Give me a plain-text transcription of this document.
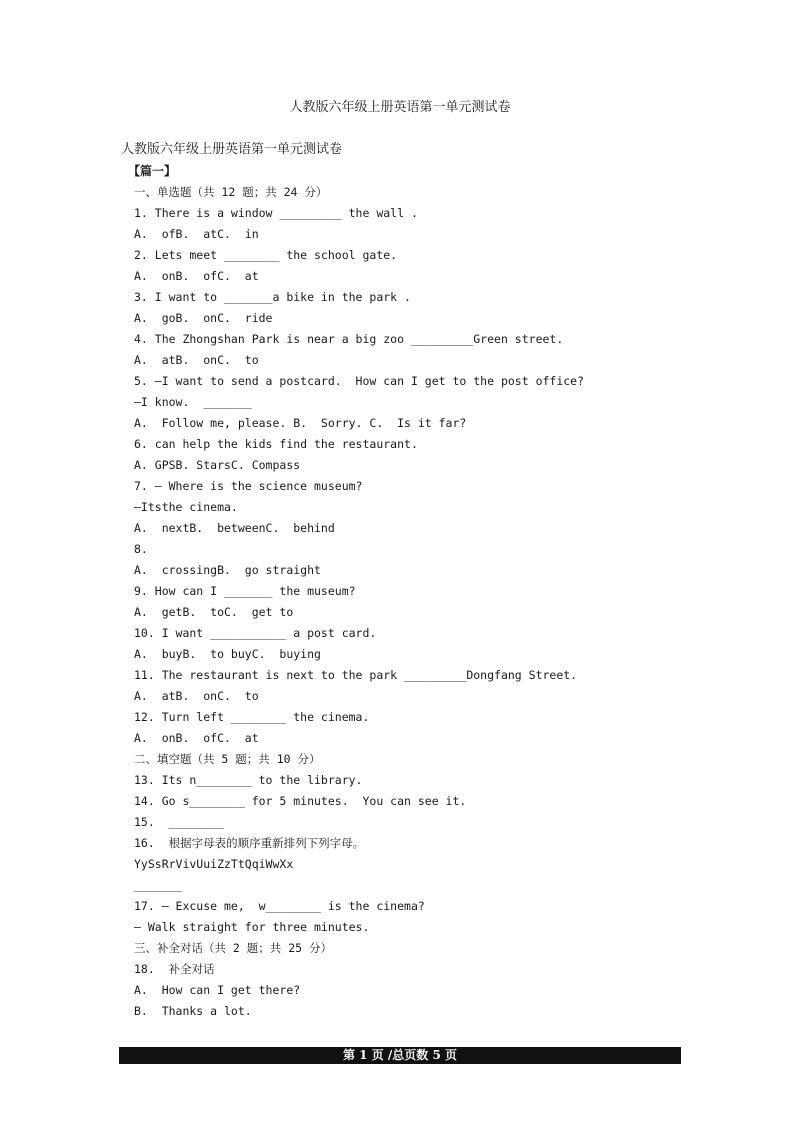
人教版六年级上册英语第一单元测试卷
人教版六年级上册英语第一单元测试卷
【篇一】
一、单选题（共 12 题；共 24 分）
1. There is a window _________ the wall .
A.  ofB.  atC.  in
2. Lets meet ________ the school gate.
A.  onB.  ofC.  at
3. I want to _______a bike in the park .
A.  goB.  onC.  ride
4. The Zhongshan Park is near a big zoo _________Green street.
A.  atB.  onC.  to
5. —I want to send a postcard.  How can I get to the post office?
—I know.  _______
A.  Follow me, please. B.  Sorry. C.  Is it far?
6. can help the kids find the restaurant.
A. GPSB. StarsC. Compass
7. — Where is the science museum?
—Itsthe cinema.
A.  nextB.  betweenC.  behind
8.
A.  crossingB.  go straight
9. How can I _______ the museum?
A.  getB.  toC.  get to
10. I want ___________ a post card.
A.  buyB.  to buyC.  buying
11. The restaurant is next to the park _________Dongfang Street.
A.  atB.  onC.  to
12. Turn left ________ the cinema.
A.  onB.  ofC.  at
二、填空题（共 5 题；共 10 分）
13. Its n________ to the library.
14. Go s________ for 5 minutes.  You can see it.
15.  ________
16.  根据字母表的顺序重新排列下列字母。
YySsRrVivUuiZzTtQqiWwXx
_______
17. — Excuse me,  w________ is the cinema?
— Walk straight for three minutes.
三、补全对话（共 2 题；共 25 分）
18.  补全对话
A.  How can I get there?
B.  Thanks a lot.
第 1 页 /总页数 5 页
